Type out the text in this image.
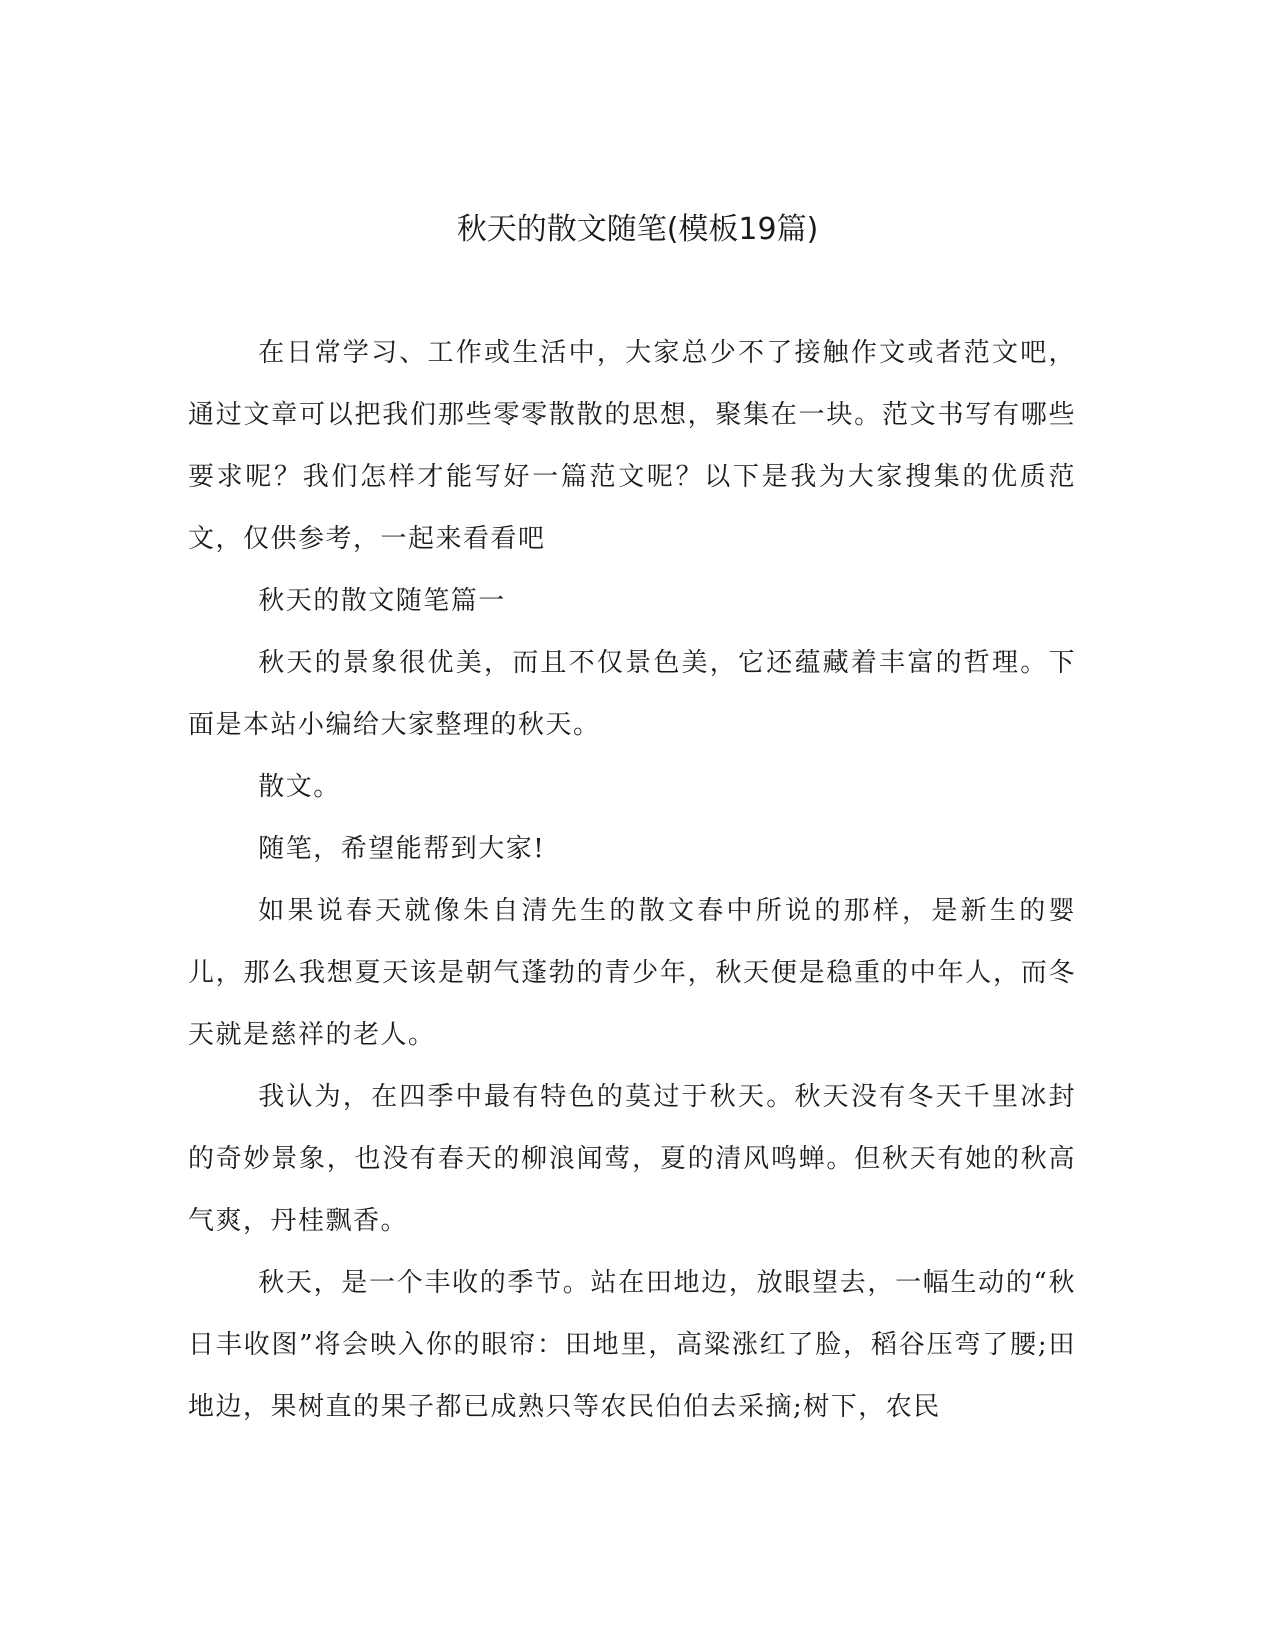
秋天的散文随笔(模板19篇)

在日常学习、工作或生活中，大家总少不了接触作文或者范文吧，通过文章可以把我们那些零零散散的思想，聚集在一块。范文书写有哪些要求呢？我们怎样才能写好一篇范文呢？以下是我为大家搜集的优质范文，仅供参考，一起来看看吧

秋天的散文随笔篇一

秋天的景象很优美，而且不仅景色美，它还蕴藏着丰富的哲理。下面是本站小编给大家整理的秋天。

散文。

随笔，希望能帮到大家!

如果说春天就像朱自清先生的散文春中所说的那样，是新生的婴儿，那么我想夏天该是朝气蓬勃的青少年，秋天便是稳重的中年人，而冬天就是慈祥的老人。

我认为，在四季中最有特色的莫过于秋天。秋天没有冬天千里冰封的奇妙景象，也没有春天的柳浪闻莺，夏的清风鸣蝉。但秋天有她的秋高气爽，丹桂飘香。

秋天，是一个丰收的季节。站在田地边，放眼望去，一幅生动的“秋日丰收图”将会映入你的眼帘：田地里，高粱涨红了脸，稻谷压弯了腰;田地边，果树直的果子都已成熟只等农民伯伯去采摘;树下，农民
